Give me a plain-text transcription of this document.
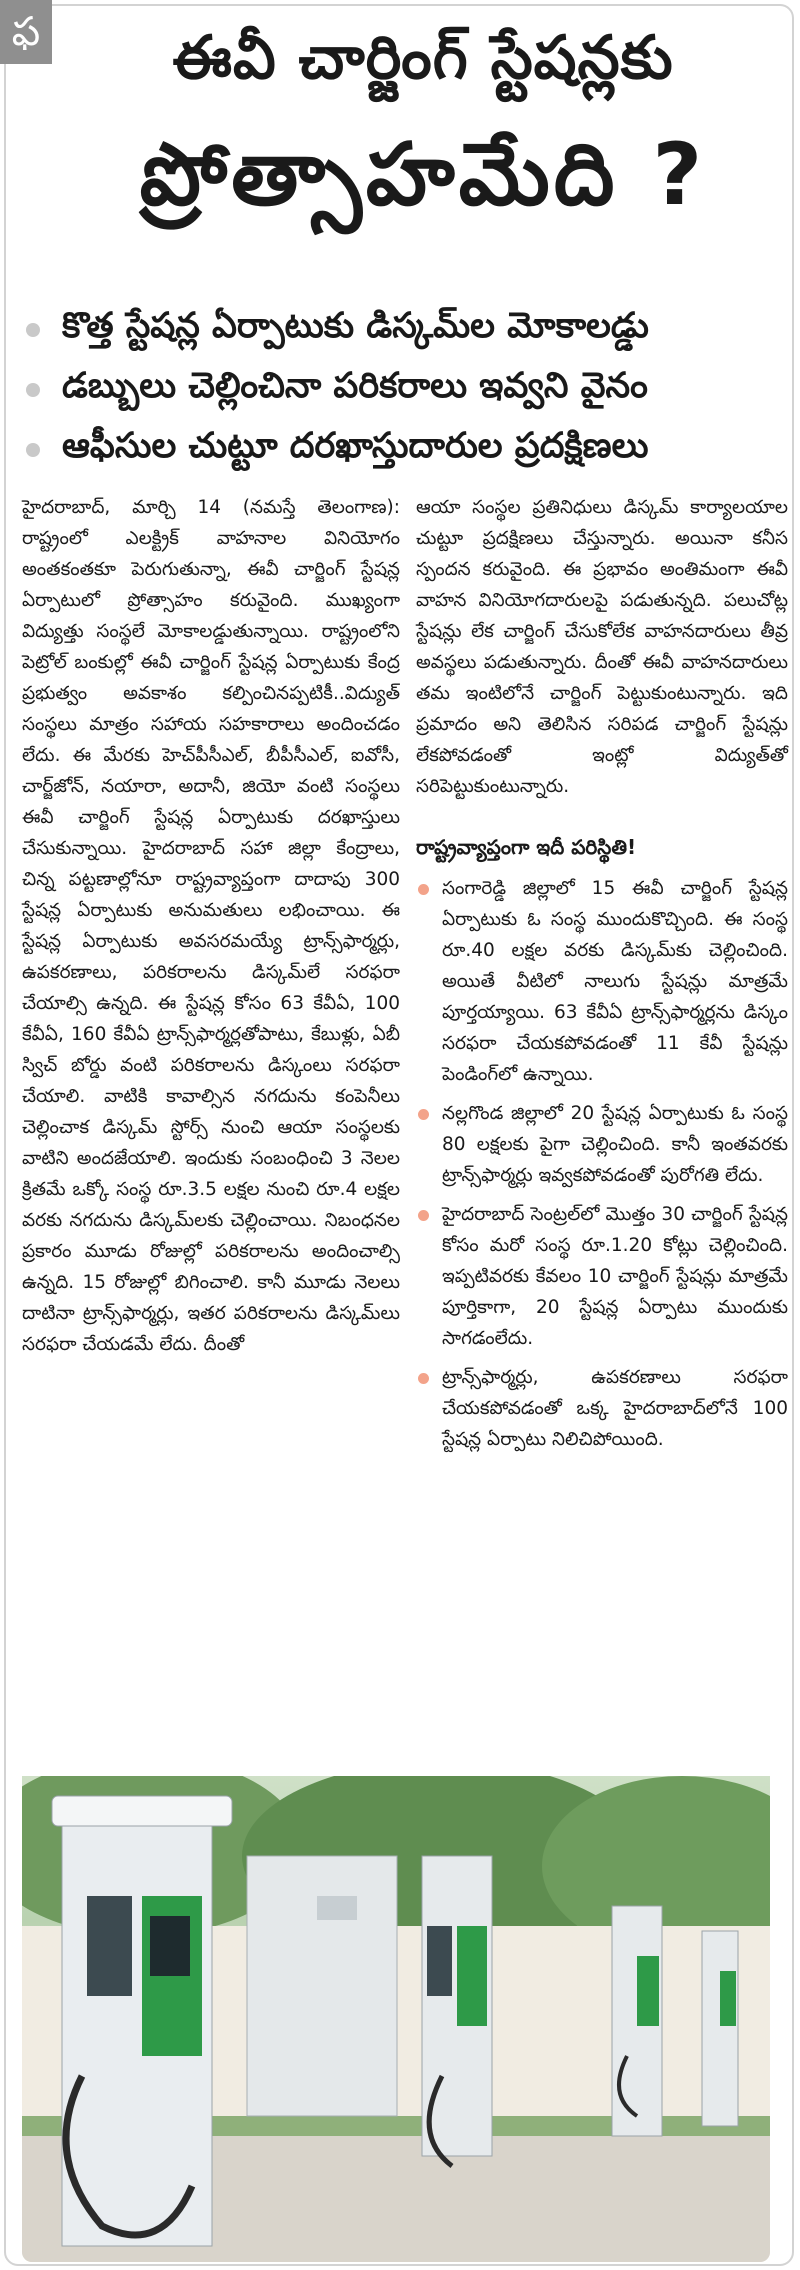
ఫ	ఈవీ చార్జింగ్ స్టేషన్లకు
ప్రోత్సాహమేది ?
కొత్త స్టేషన్ల ఏర్పాటుకు డిస్కమ్‌ల మోకాలడ్డు
డబ్బులు చెల్లించినా పరికరాలు ఇవ్వని వైనం
ఆఫీసుల చుట్టూ దరఖాస్తుదారుల ప్రదక్షిణలు

హైదరాబాద్, మార్చి 14 (నమస్తే తెలంగాణ): రాష్ట్రంలో ఎలక్ట్రిక్ వాహనాల వినియోగం అంతకంతకూ పెరుగుతున్నా, ఈవీ చార్జింగ్ స్టేషన్ల ఏర్పాటులో ప్రోత్సాహం కరువైంది. ముఖ్యంగా విద్యుత్తు సంస్థలే మోకాలడ్డుతున్నాయి. రాష్ట్రంలోని పెట్రోల్ బంకుల్లో ఈవీ చార్జింగ్ స్టేషన్ల ఏర్పాటుకు కేంద్ర ప్రభుత్వం అవకాశం కల్పించినప్పటికీ..విద్యుత్ సంస్థలు మాత్రం సహాయ సహకారాలు అందించడం లేదు. ఈ మేరకు హెచ్‌పీసీఎల్, బీపీసీఎల్, ఐవోసీ, చార్జ్‌జోన్, నయారా, అదానీ, జియో వంటి సంస్థలు ఈవీ చార్జింగ్ స్టేషన్ల ఏర్పాటుకు దరఖాస్తులు చేసుకున్నాయి. హైదరాబాద్ సహా జిల్లా కేంద్రాలు, చిన్న పట్టణాల్లోనూ రాష్ట్రవ్యాప్తంగా దాదాపు 300 స్టేషన్ల ఏర్పాటుకు అనుమతులు లభించాయి. ఈ స్టేషన్ల ఏర్పాటుకు అవసరమయ్యే ట్రాన్స్‌ఫార్మర్లు, ఉపకరణాలు, పరికరాలను డిస్కమ్‌లే సరఫరా చేయాల్సి ఉన్నది. ఈ స్టేషన్ల కోసం 63 కేవీఏ, 100 కేవీఏ, 160 కేవీఏ ట్రాన్స్‌ఫార్మర్లతోపాటు, కేబుళ్లు, ఏబీ స్విచ్ బోర్డు వంటి పరికరాలను డిస్కంలు సరఫరా చేయాలి. వాటికి కావాల్సిన నగదును కంపెనీలు చెల్లించాక డిస్కమ్ స్టోర్స్ నుంచి ఆయా సంస్థలకు వాటిని అందజేయాలి. ఇందుకు సంబంధించి 3 నెలల క్రితమే ఒక్కో సంస్థ రూ.3.5 లక్షల నుంచి రూ.4 లక్షల వరకు నగదును డిస్కమ్‌లకు చెల్లించాయి. నిబంధనల ప్రకారం మూడు రోజుల్లో పరికరాలను అందించాల్సి ఉన్నది. 15 రోజుల్లో బిగించాలి. కానీ మూడు నెలలు దాటినా ట్రాన్స్‌ఫార్మర్లు, ఇతర పరికరాలను డిస్కమ్‌లు సరఫరా చేయడమే లేదు. దీంతో

ఆయా సంస్థల ప్రతినిధులు డిస్కమ్ కార్యాలయాల చుట్టూ ప్రదక్షిణలు చేస్తున్నారు. అయినా కనీస స్పందన కరువైంది. ఈ ప్రభావం అంతిమంగా ఈవీ వాహన వినియోగదారులపై పడుతున్నది. పలుచోట్ల స్టేషన్లు లేక చార్జింగ్ చేసుకోలేక వాహనదారులు తీవ్ర అవస్థలు పడుతున్నారు. దీంతో ఈవీ వాహనదారులు తమ ఇంటిలోనే చార్జింగ్ పెట్టుకుంటున్నారు. ఇది ప్రమాదం అని తెలిసిన సరిపడ చార్జింగ్ స్టేషన్లు లేకపోవడంతో ఇంట్లో విద్యుత్‌తో సరిపెట్టుకుంటున్నారు.

రాష్ట్రవ్యాప్తంగా ఇదీ పరిస్థితి!

సంగారెడ్డి జిల్లాలో 15 ఈవీ చార్జింగ్ స్టేషన్ల ఏర్పాటుకు ఓ సంస్థ ముందుకొచ్చింది. ఈ సంస్థ రూ.40 లక్షల వరకు డిస్కమ్‌కు చెల్లించింది. అయితే వీటిలో నాలుగు స్టేషన్లు మాత్రమే పూర్తయ్యాయి. 63 కేవీఏ ట్రాన్స్‌ఫార్మర్లను డిస్కం సరఫరా చేయకపోవడంతో 11 కేవీ స్టేషన్లు పెండింగ్‌లో ఉన్నాయి.

నల్లగొండ జిల్లాలో 20 స్టేషన్ల ఏర్పాటుకు ఓ సంస్థ 80 లక్షలకు పైగా చెల్లించింది. కానీ ఇంతవరకు ట్రాన్స్‌ఫార్మర్లు ఇవ్వకపోవడంతో పురోగతి లేదు.

హైదరాబాద్ సెంట్రల్‌లో మొత్తం 30 చార్జింగ్ స్టేషన్ల కోసం మరో సంస్థ రూ.1.20 కోట్లు చెల్లించింది. ఇప్పటివరకు కేవలం 10 చార్జింగ్ స్టేషన్లు మాత్రమే పూర్తికాగా, 20 స్టేషన్ల ఏర్పాటు ముందుకు సాగడంలేదు.

ట్రాన్స్‌ఫార్మర్లు, ఉపకరణాలు సరఫరా చేయకపోవడంతో ఒక్క హైదరాబాద్‌లోనే 100 స్టేషన్ల ఏర్పాటు నిలిచిపోయింది.
